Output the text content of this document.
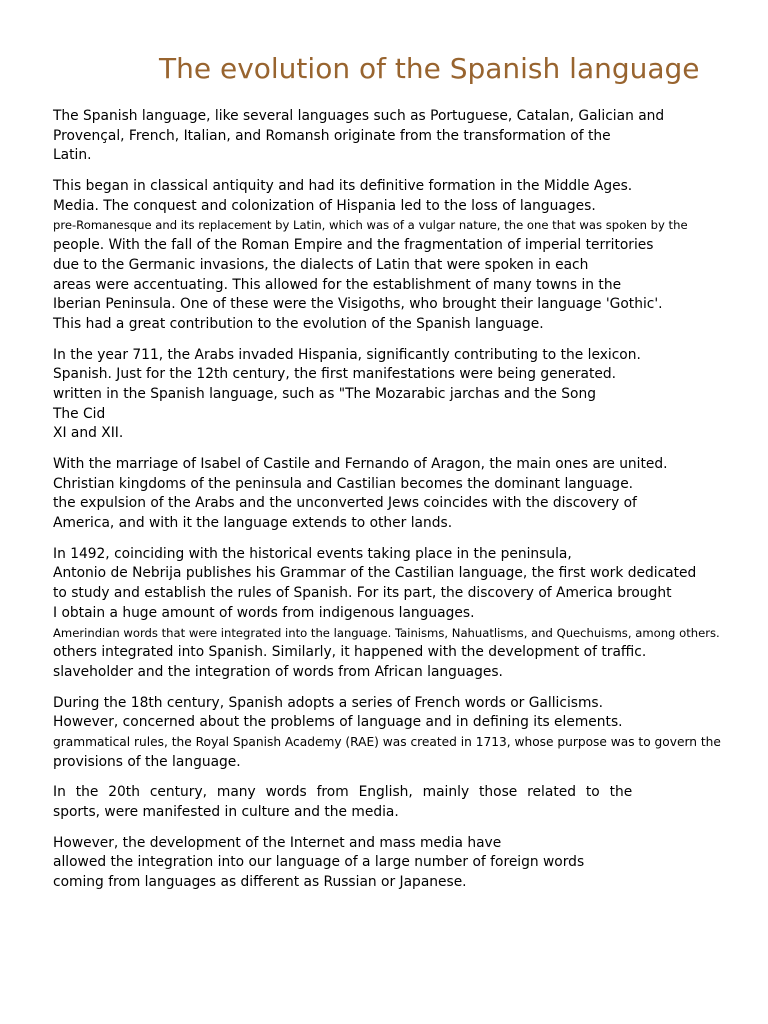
The evolution of the Spanish language
The Spanish language, like several languages such as Portuguese, Catalan, Galician and
Provençal, French, Italian, and Romansh originate from the transformation of the
Latin.
This began in classical antiquity and had its definitive formation in the Middle Ages.
Media. The conquest and colonization of Hispania led to the loss of languages.
pre-Romanesque and its replacement by Latin, which was of a vulgar nature, the one that was spoken by the
people. With the fall of the Roman Empire and the fragmentation of imperial territories
due to the Germanic invasions, the dialects of Latin that were spoken in each
areas were accentuating. This allowed for the establishment of many towns in the
Iberian Peninsula. One of these were the Visigoths, who brought their language 'Gothic'.
This had a great contribution to the evolution of the Spanish language.
In the year 711, the Arabs invaded Hispania, significantly contributing to the lexicon.
Spanish. Just for the 12th century, the first manifestations were being generated.
written in the Spanish language, such as "The Mozarabic jarchas and the Song
The Cid
XI and XII.
With the marriage of Isabel of Castile and Fernando of Aragon, the main ones are united.
Christian kingdoms of the peninsula and Castilian becomes the dominant language.
the expulsion of the Arabs and the unconverted Jews coincides with the discovery of
America, and with it the language extends to other lands.
In 1492, coinciding with the historical events taking place in the peninsula,
Antonio de Nebrija publishes his Grammar of the Castilian language, the first work dedicated
to study and establish the rules of Spanish. For its part, the discovery of America brought
I obtain a huge amount of words from indigenous languages.
Amerindian words that were integrated into the language. Tainisms, Nahuatlisms, and Quechuisms, among others.
others integrated into Spanish. Similarly, it happened with the development of traffic.
slaveholder and the integration of words from African languages.
During the 18th century, Spanish adopts a series of French words or Gallicisms.
However, concerned about the problems of language and in defining its elements.
grammatical rules, the Royal Spanish Academy (RAE) was created in 1713, whose purpose was to govern the
provisions of the language.
In the 20th century, many words from English, mainly those related to the
sports, were manifested in culture and the media.
However, the development of the Internet and mass media have
allowed the integration into our language of a large number of foreign words
coming from languages as different as Russian or Japanese.
